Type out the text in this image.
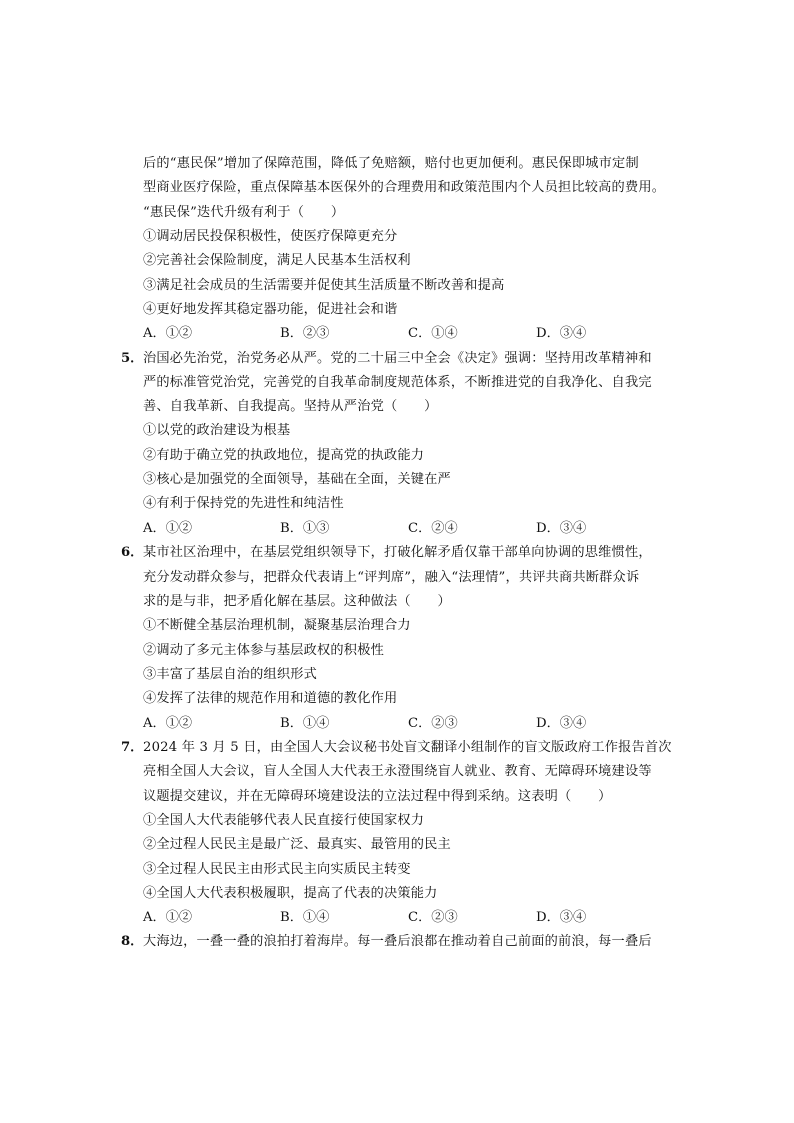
后的“惠民保”增加了保障范围，降低了免赔额，赔付也更加便利。惠民保即城市定制
型商业医疗保险，重点保障基本医保外的合理费用和政策范围内个人员担比较高的费用。
“惠民保”迭代升级有利于（　　）
①调动居民投保积极性，使医疗保障更充分
②完善社会保险制度，满足人民基本生活权利
③满足社会成员的生活需要并促使其生活质量不断改善和提高
④更好地发挥其稳定器功能，促进社会和谐
A．①②	B．②③	C．①④	D．③④
5． 治国必先治党，治党务必从严。党的二十届三中全会《决定》强调：坚持用改革精神和
严的标准管党治党，完善党的自我革命制度规范体系，不断推进党的自我净化、自我完
善、自我革新、自我提高。坚持从严治党（　　）
①以党的政治建设为根基
②有助于确立党的执政地位，提高党的执政能力
③核心是加强党的全面领导，基础在全面，关键在严
④有利于保持党的先进性和纯洁性
A．①②	B．①③	C．②④	D．③④
6． 某市社区治理中，在基层党组织领导下，打破化解矛盾仅靠干部单向协调的思维惯性，
充分发动群众参与，把群众代表请上“评判席”，融入“法理情”，共评共商共断群众诉
求的是与非，把矛盾化解在基层。这种做法（　　）
①不断健全基层治理机制，凝聚基层治理合力
②调动了多元主体参与基层政权的积极性
③丰富了基层自治的组织形式
④发挥了法律的规范作用和道德的教化作用
A．①②	B．①④	C．②③	D．③④
7． 2024 年 3 月 5 日，由全国人大会议秘书处盲文翻译小组制作的盲文版政府工作报告首次
亮相全国人大会议，盲人全国人大代表王永澄围绕盲人就业、教育、无障碍环境建设等
议题提交建议，并在无障碍环境建设法的立法过程中得到采纳。这表明（　　）
①全国人大代表能够代表人民直接行使国家权力
②全过程人民民主是最广泛、最真实、最管用的民主
③全过程人民民主由形式民主向实质民主转变
④全国人大代表积极履职，提高了代表的决策能力
A．①②	B．①④	C．②③	D．③④
8． 大海边，一叠一叠的浪拍打着海岸。每一叠后浪都在推动着自己前面的前浪，每一叠后
